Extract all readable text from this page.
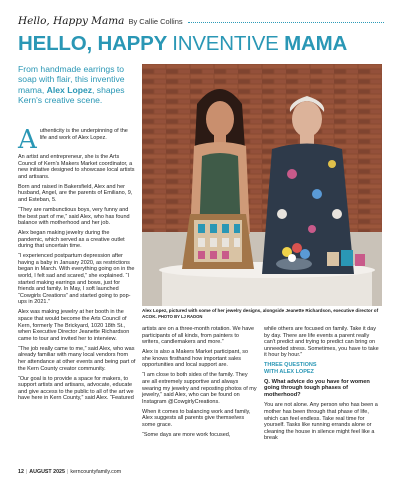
Hello, Happy Mama By Callie Collins
HELLO, HAPPY INVENTIVE MAMA
From handmade earrings to soap with flair, this inventive mama, Alex Lopez, shapes Kern's creative scene.
Alex Lopez, pictured with some of her jewelry designs, alongside Jeanette Richardson, executive director of ACOK. PHOTO BY LJ RADON
A uthenticity is the underpinning of the life and work of Alex Lopez.

An artist and entrepreneur, she is the Arts Council of Kern's Makers Market coordinator, a new initiative designed to showcase local artists and artisans.

Born and raised in Bakersfield, Alex and her husband, Angel, are the parents of Emiliano, 9, and Esteban, 5.

“They are rambunctious boys, very funny and the best part of me,” said Alex, who has found balance with motherhood and her job.

Alex began making jewelry during the pandemic, which served as a creative outlet during that uncertain time.

“I experienced postpartum depression after having a baby in January 2020, as restrictions began in March. With everything going on in the world, I felt sad and scared,” she explained. “I started making earrings and bows, just for friends and family. In May, I soft launched “Cowgirls Creations” and started going to pop-ups in 2021.”

Alex was making jewelry at her booth in the space that would become the Arts Council of Kern, formerly The Brickyard, 1020 18th St., when Executive Director Jeanette Richardson came to tour and invited her to interview.

“The job really came to me,” said Alex, who was already familiar with many local vendors from her attendance at other events and being part of the Kern County creator community.

“Our goal is to provide a space for makers, to support artists and artisans, advocate, educate and give access to the public to all of the art we have here in Kern County,” said Alex. “Featured

artists are on a three-month rotation. We have participants of all kinds, from painters to writers, candlemakers and more.”

Alex is also a Makers Market participant, so she knows firsthand how important sales opportunities and local support are.

“I am close to both sides of the family. They are all extremely supportive and always wearing my jewelry and reposting photos of my jewelry,” said Alex, who can be found on Instagram @CowgirlyCreations.

When it comes to balancing work and family, Alex suggests all parents give themselves some grace.

“Some days are more work focused,

while others are focused on family. Take it day by day. There are life events a parent really can't predict and trying to predict can bring on unneeded stress. Sometimes, you have to take it hour by hour.”

THREE QUESTIONS
WITH ALEX LOPEZ

Q. What advice do you have for women going through tough phases of motherhood?

You are not alone. Any person who has been a mother has been through that phase of life, which can feel endless. Take real time for yourself. Tasks like running errands alone or cleaning the house in silence might feel like a break

12 | AUGUST 2025 | kerncountyfamily.com
